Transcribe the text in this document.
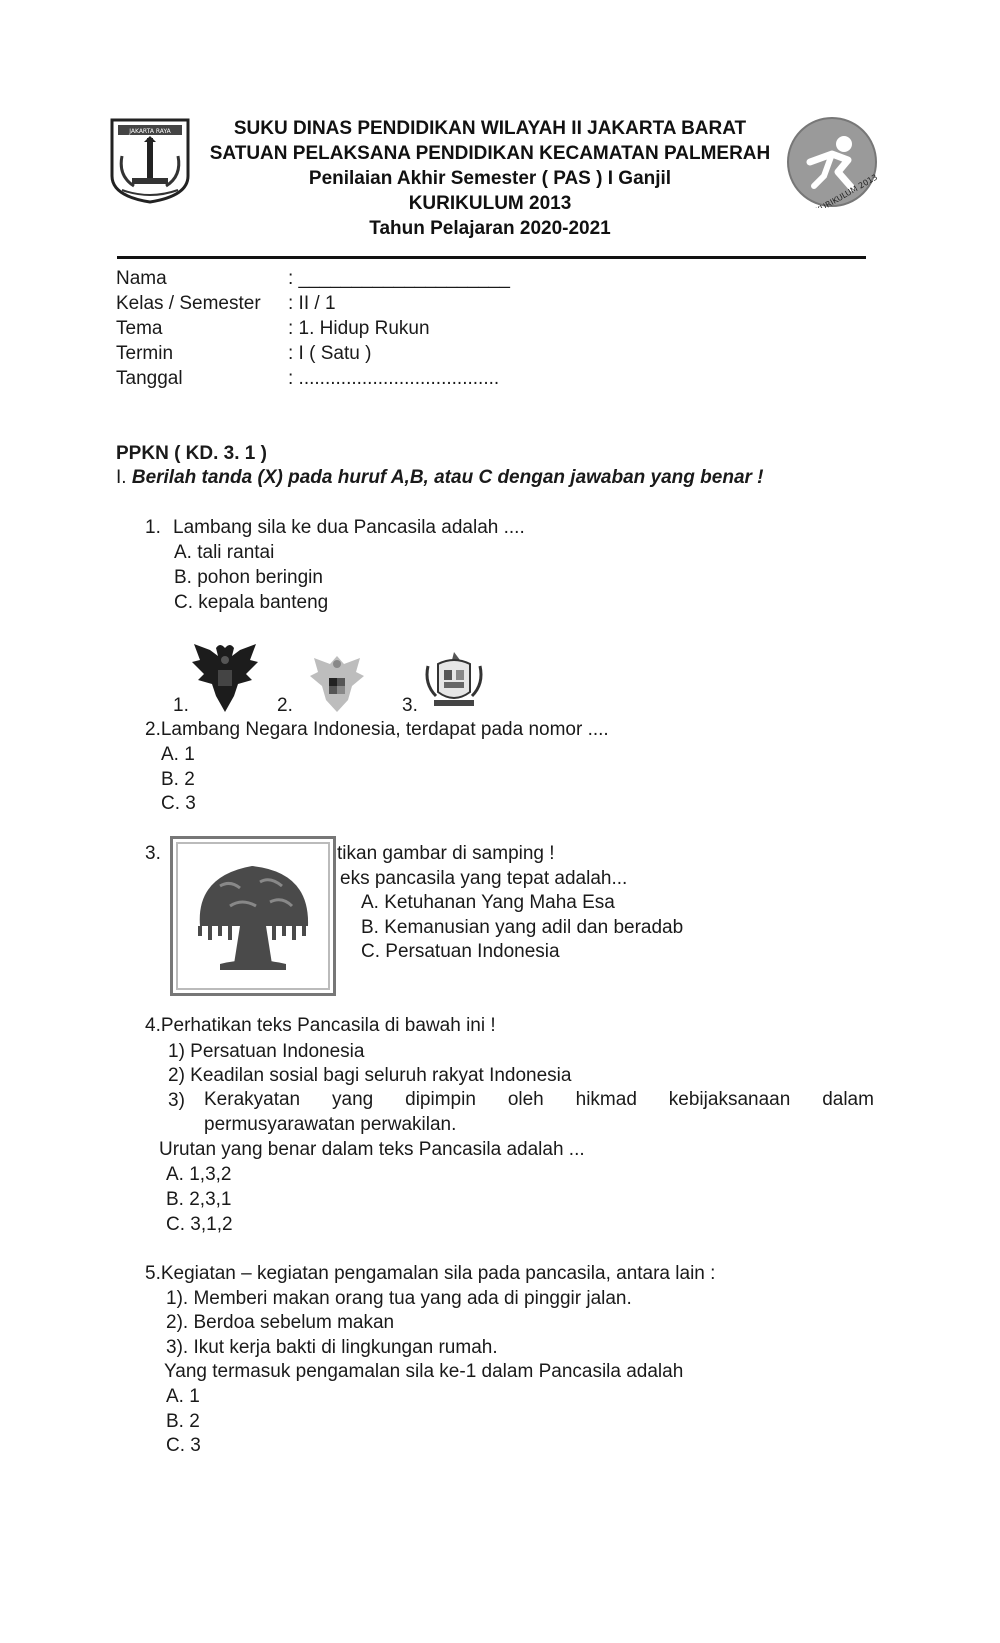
JAKARTA RAYA
KURIKULUM 2013
SUKU DINAS PENDIDIKAN WILAYAH II JAKARTA BARAT
SATUAN PELAKSANA PENDIDIKAN KECAMATAN PALMERAH
Penilaian Akhir Semester ( PAS ) I Ganjil
KURIKULUM 2013
Tahun Pelajaran 2020-2021
Nama	: ____________________
Kelas / Semester : II / 1
Tema	: 1. Hidup Rukun
Termin	: I ( Satu )
Tanggal	: ......................................
PPKN ( KD. 3. 1 )
I. Berilah tanda (X) pada huruf A,B, atau C dengan jawaban yang benar !
1. Lambang sila ke dua Pancasila adalah ....
A. tali rantai
B. pohon beringin
C. kepala banteng
1.	2.	3.
2.Lambang Negara Indonesia, terdapat pada nomor ....
A. 1
B. 2
C. 3
3.	tikan gambar di samping !
eks pancasila yang tepat adalah...
A. Ketuhanan Yang Maha Esa
B. Kemanusian yang adil dan beradab
C. Persatuan Indonesia
4.Perhatikan teks Pancasila di bawah ini !
1) Persatuan Indonesia
2) Keadilan sosial bagi seluruh rakyat Indonesia
3) Kerakyatan yang dipimpin oleh hikmad kebijaksanaan dalam
permusyarawatan perwakilan.
Urutan yang benar dalam teks Pancasila adalah ...
A. 1,3,2
B. 2,3,1
C. 3,1,2
5.Kegiatan – kegiatan pengamalan sila pada pancasila, antara lain :
1). Memberi makan orang tua yang ada di pinggir jalan.
2). Berdoa sebelum makan
3). Ikut kerja bakti di lingkungan rumah.
Yang termasuk pengamalan sila ke-1 dalam Pancasila adalah
A. 1
B. 2
C. 3
